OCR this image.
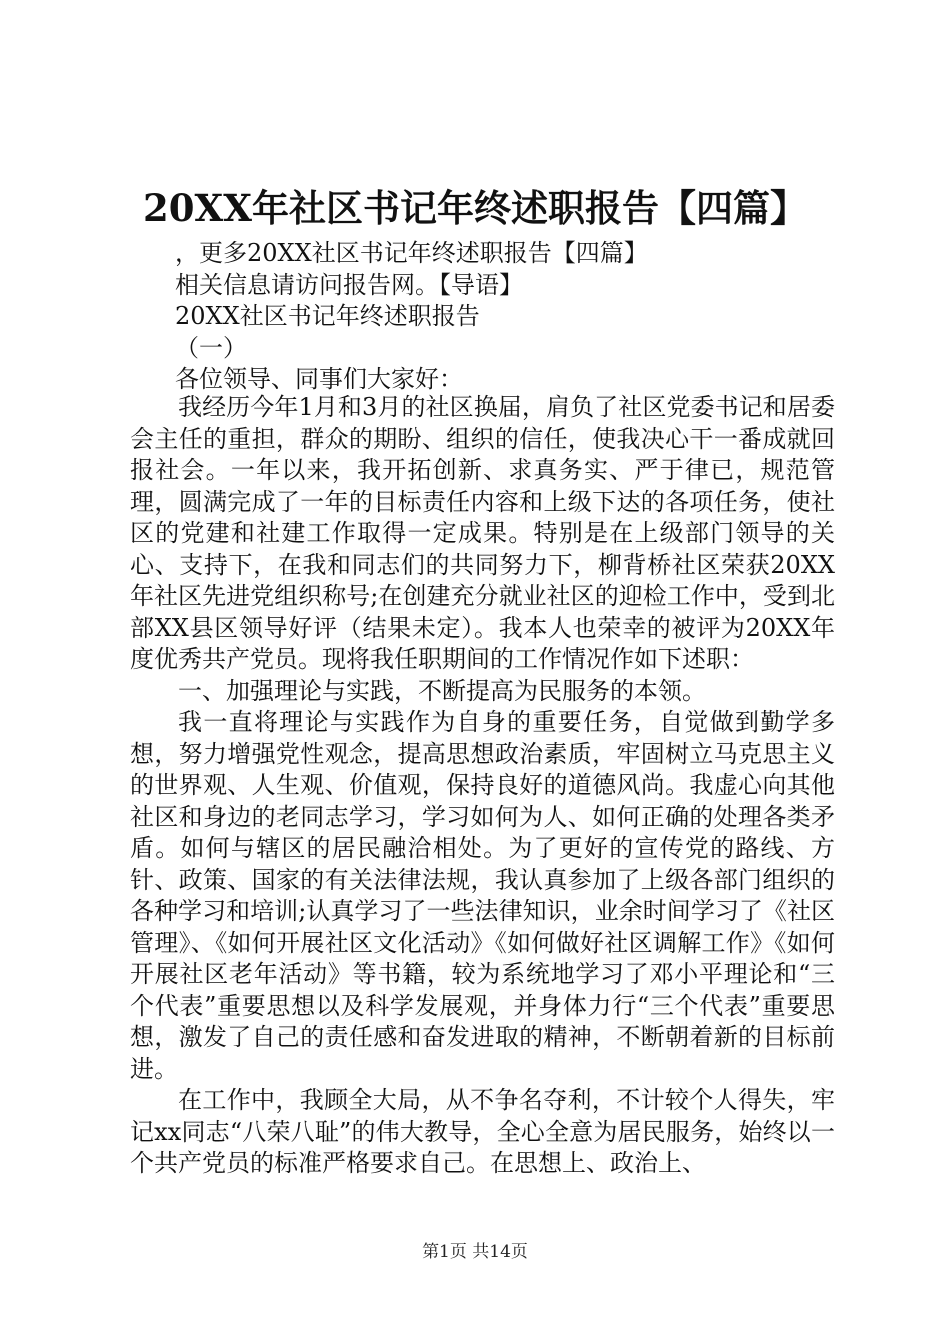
20XX年社区书记年终述职报告【四篇】
，更多20XX社区书记年终述职报告【四篇】
相关信息请访问报告网。【导语】
20XX社区书记年终述职报告
（一）
各位领导、同事们大家好：

我经历今年1月和3月的社区换届，肩负了社区党委书记和居委会主任的重担，群众的期盼、组织的信任，使我决心干一番成就回报社会。一年以来，我开拓创新、求真务实、严于律已，规范管理，圆满完成了一年的目标责任内容和上级下达的各项任务，使社区的党建和社建工作取得一定成果。特别是在上级部门领导的关心、支持下，在我和同志们的共同努力下，柳背桥社区荣获20XX年社区先进党组织称号;在创建充分就业社区的迎检工作中，受到北部XX县区领导好评（结果未定）。我本人也荣幸的被评为20XX年度优秀共产党员。现将我任职期间的工作情况作如下述职：

一、加强理论与实践，不断提高为民服务的本领。

我一直将理论与实践作为自身的重要任务，自觉做到勤学多想，努力增强党性观念，提高思想政治素质，牢固树立马克思主义的世界观、人生观、价值观，保持良好的道德风尚。我虚心向其他社区和身边的老同志学习，学习如何为人、如何正确的处理各类矛盾。如何与辖区的居民融洽相处。为了更好的宣传党的路线、方针、政策、国家的有关法律法规，我认真参加了上级各部门组织的各种学习和培训;认真学习了一些法律知识，业余时间学习了《社区管理》、《如何开展社区文化活动》《如何做好社区调解工作》《如何开展社区老年活动》等书籍，较为系统地学习了邓小平理论和“三个代表”重要思想以及科学发展观，并身体力行“三个代表”重要思想，激发了自己的责任感和奋发进取的精神，不断朝着新的目标前进。

在工作中，我顾全大局，从不争名夺利，不计较个人得失，牢记xx同志“八荣八耻”的伟大教导，全心全意为居民服务，始终以一个共产党员的标准严格要求自己。在思想上、政治上、

第1页 共14页
